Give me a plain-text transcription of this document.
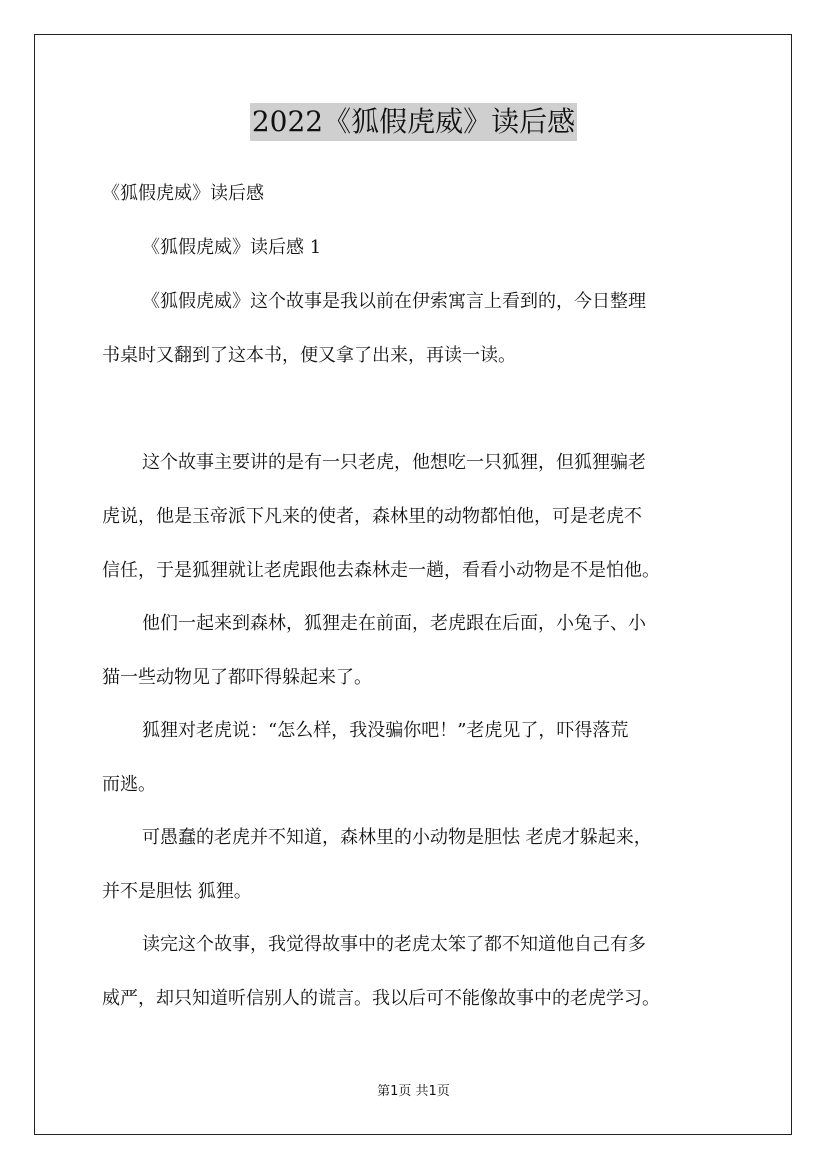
2022《狐假虎威》读后感
《狐假虎威》读后感
《狐假虎威》读后感 1
《狐假虎威》这个故事是我以前在伊索寓言上看到的，今日整理
书桌时又翻到了这本书，便又拿了出来，再读一读。
这个故事主要讲的是有一只老虎，他想吃一只狐狸，但狐狸骗老
虎说，他是玉帝派下凡来的使者，森林里的动物都怕他，可是老虎不
信任，于是狐狸就让老虎跟他去森林走一趟，看看小动物是不是怕他。
他们一起来到森林，狐狸走在前面，老虎跟在后面，小兔子、小
猫一些动物见了都吓得躲起来了。
狐狸对老虎说：“怎么样，我没骗你吧！”老虎见了，吓得落荒
而逃。
可愚蠢的老虎并不知道，森林里的小动物是胆怯 老虎才躲起来，
并不是胆怯 狐狸。
读完这个故事，我觉得故事中的老虎太笨了都不知道他自己有多
威严，却只知道听信别人的谎言。我以后可不能像故事中的老虎学习。
第1页 共1页
